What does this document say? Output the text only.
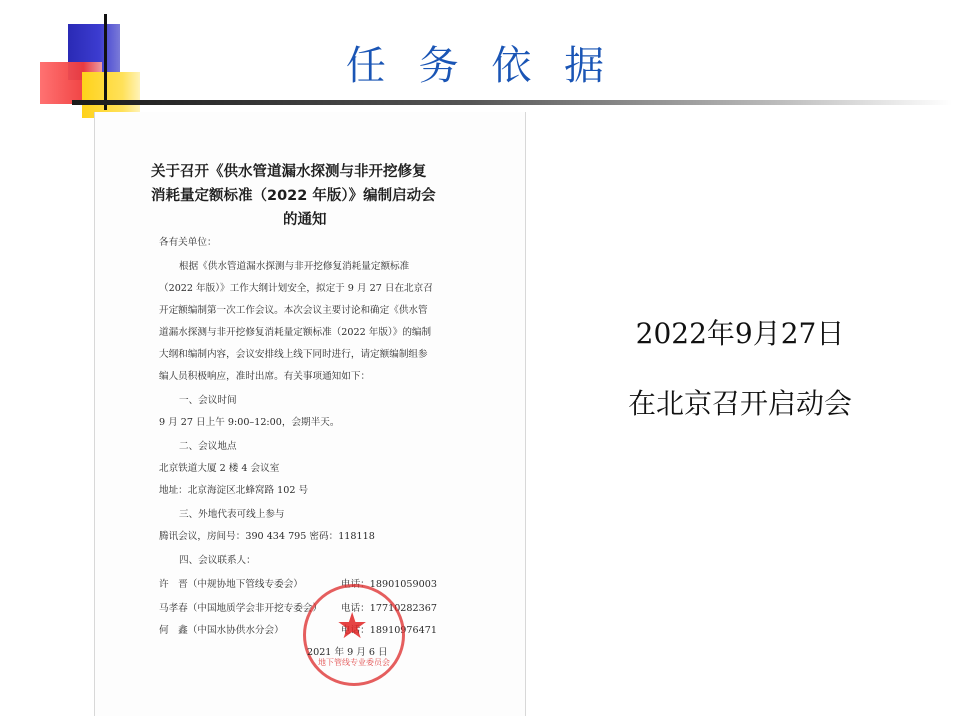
任 务 依 据
关于召开《供水管道漏水探测与非开挖修复
消耗量定额标准（2022 年版）》编制启动会
的通知
各有关单位：
根据《供水管道漏水探测与非开挖修复消耗量定额标准
（2022 年版）》工作大纲计划安全，拟定于 9 月 27 日在北京召
开定额编制第一次工作会议。本次会议主要讨论和确定《供水管
道漏水探测与非开挖修复消耗量定额标准（2022 年版）》的编制
大纲和编制内容，会议安排线上线下同时进行，请定额编制组参
编人员积极响应，准时出席。有关事项通知如下：
一、会议时间
9 月 27 日上午 9:00–12:00，会期半天。
二、会议地点
北京铁道大厦 2 楼 4 会议室
地址：北京海淀区北蜂窝路 102 号
三、外地代表可线上参与
腾讯会议，房间号：390 434 795 密码：118118
四、会议联系人：
许　晋（中规协地下管线专委会）	电话：18901059003
马孝春（中国地质学会非开挖专委会） 电话：17710282367
何　鑫（中国水协供水分会）	电话：18910976471
★
地下管线专业委员会
2021 年 9 月 6 日
2022年9月27日
在北京召开启动会
